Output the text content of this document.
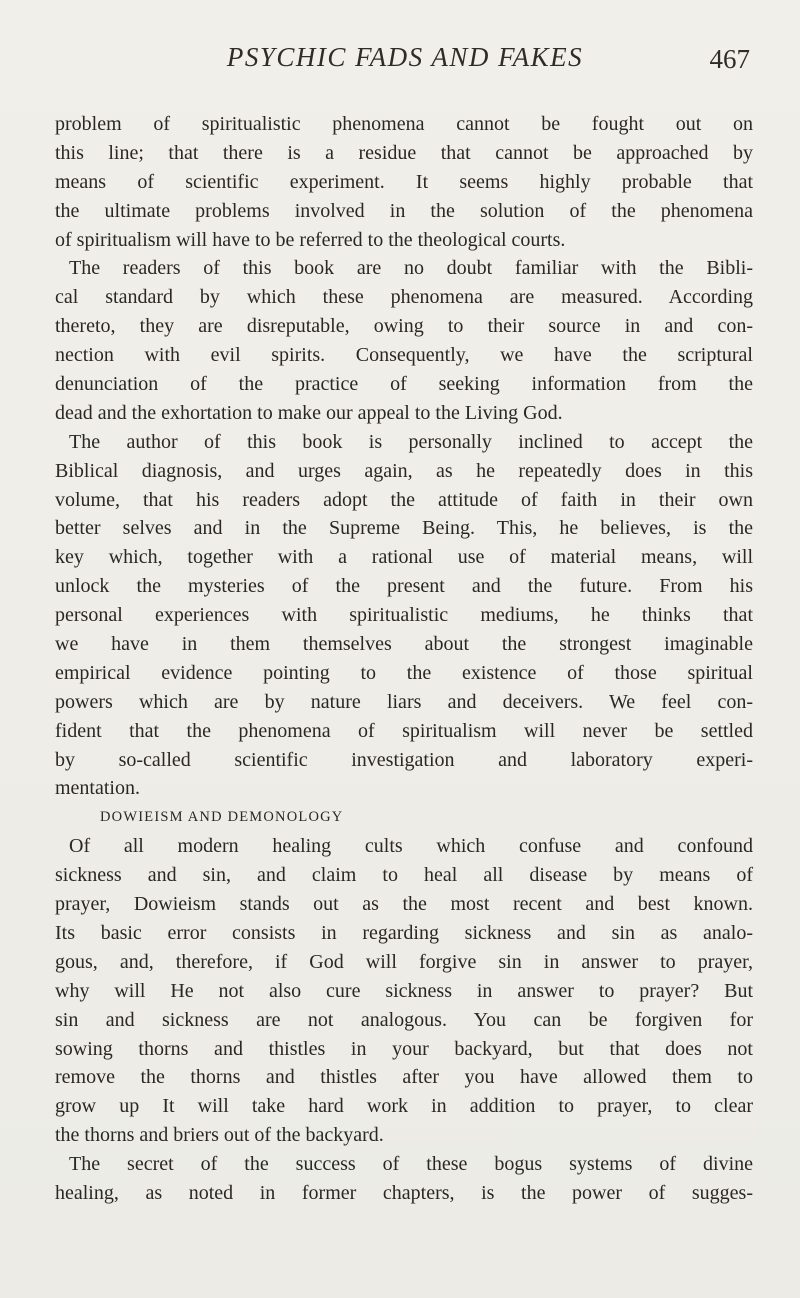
PSYCHIC FADS AND FAKES	467
problem of spiritualistic phenomena cannot be fought out on
this line; that there is a residue that cannot be approached by
means of scientific experiment. It seems highly probable that
the ultimate problems involved in the solution of the phenomena
of spiritualism will have to be referred to the theological courts.
The readers of this book are no doubt familiar with the Bibli-
cal standard by which these phenomena are measured. According
thereto, they are disreputable, owing to their source in and con-
nection with evil spirits. Consequently, we have the scriptural
denunciation of the practice of seeking information from the
dead and the exhortation to make our appeal to the Living God.
The author of this book is personally inclined to accept the
Biblical diagnosis, and urges again, as he repeatedly does in this
volume, that his readers adopt the attitude of faith in their own
better selves and in the Supreme Being. This, he believes, is the
key which, together with a rational use of material means, will
unlock the mysteries of the present and the future. From his
personal experiences with spiritualistic mediums, he thinks that
we have in them themselves about the strongest imaginable
empirical evidence pointing to the existence of those spiritual
powers which are by nature liars and deceivers. We feel con-
fident that the phenomena of spiritualism will never be settled
by so-called scientific investigation and laboratory experi-
mentation.
DOWIEISM AND DEMONOLOGY
Of all modern healing cults which confuse and confound
sickness and sin, and claim to heal all disease by means of
prayer, Dowieism stands out as the most recent and best known.
Its basic error consists in regarding sickness and sin as analo-
gous, and, therefore, if God will forgive sin in answer to prayer,
why will He not also cure sickness in answer to prayer? But
sin and sickness are not analogous. You can be forgiven for
sowing thorns and thistles in your backyard, but that does not
remove the thorns and thistles after you have allowed them to
grow up It will take hard work in addition to prayer, to clear
the thorns and briers out of the backyard.
The secret of the success of these bogus systems of divine
healing, as noted in former chapters, is the power of sugges-
